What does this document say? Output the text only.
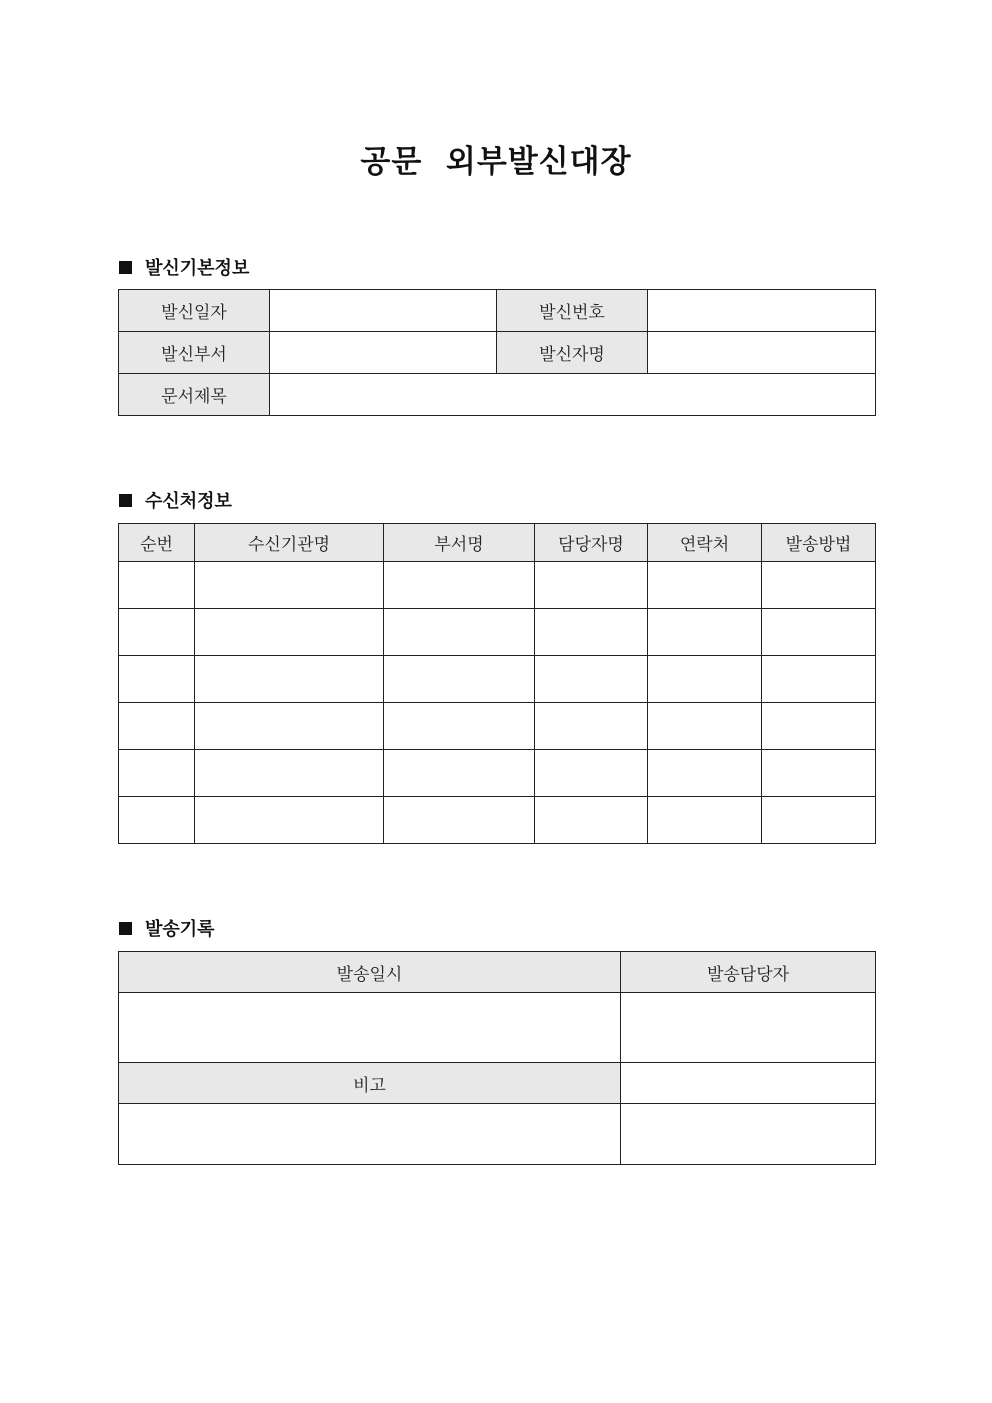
공문  외부발신대장
발신기본정보
발신일자		발신번호	
발신부서		발신자명	
문서제목			
수신처정보
순번	수신기관명	부서명	담당자명	연락처	발송방법

발송기록
발송일시	발송담당자

비고	
